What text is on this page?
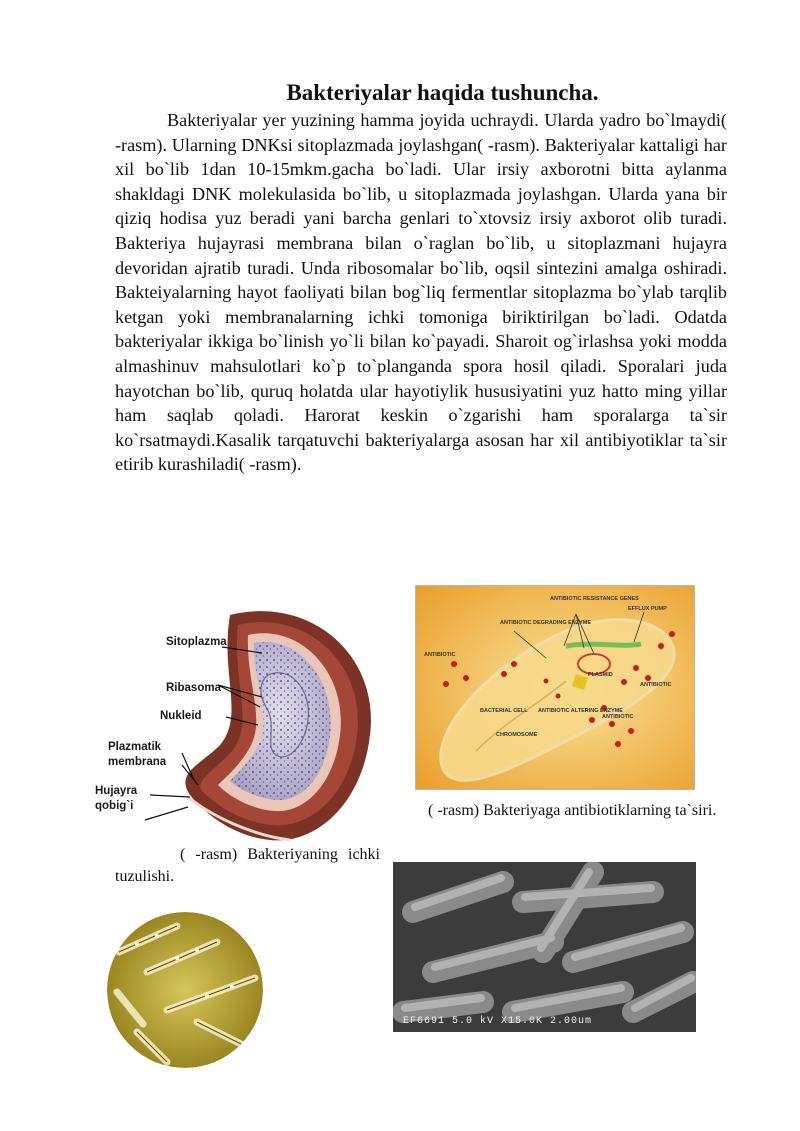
Bakteriyalar haqida tushuncha.
Bakteriyalar yer yuzining hamma joyida uchraydi. Ularda yadro bo`lmaydi( -rasm). Ularning DNKsi sitoplazmada joylashgan( -rasm). Bakteriyalar kattaligi har xil bo`lib 1dan 10-15mkm.gacha bo`ladi. Ular irsiy axborotni bitta aylanma shakldagi DNK molekulasida bo`lib, u sitoplazmada joylashgan. Ularda yana bir qiziq hodisa yuz beradi yani barcha genlari to`xtovsiz irsiy axborot olib turadi. Bakteriya hujayrasi membrana bilan o`raglan bo`lib, u sitoplazmani hujayra devoridan ajratib turadi. Unda ribosomalar bo`lib, oqsil sintezini amalga oshiradi. Bakteiyalarning hayot faoliyati bilan bog`liq fermentlar sitoplazma bo`ylab tarqlib ketgan yoki membranalarning ichki tomoniga biriktirilgan bo`ladi. Odatda bakteriyalar ikkiga bo`linish yo`li bilan ko`payadi. Sharoit og`irlashsa yoki modda almashinuv mahsulotlari ko`p to`planganda spora hosil qiladi. Sporalari juda hayotchan bo`lib, quruq holatda ular hayotiylik hususiyatini yuz hatto ming yillar ham saqlab qoladi. Harorat keskin o`zgarishi ham sporalarga ta`sir ko`rsatmaydi.Kasalik tarqatuvchi bakteriyalarga asosan har xil antibiyotiklar ta`sir etirib kurashiladi( -rasm).
Sitoplazma
Ribasoma
Nukleid
Plazmatik
membrana
Hujayra
qobig`i
( -rasm) Bakteriyaning ichki tuzulishi.
ANTIBIOTIC RESISTANCE GENES
ANTIBIOTIC DEGRADING ENZYME
EFFLUX PUMP
ANTIBIOTIC
ANTIBIOTIC
ANTIBIOTIC
PLASMID
ANTIBIOTIC ALTERING ENZYME
BACTERIAL CELL
CHROMOSOME
( -rasm) Bakteriyaga antibiotiklarning ta`siri.
EF6691 5.0 kV X15.0K 2.00um
